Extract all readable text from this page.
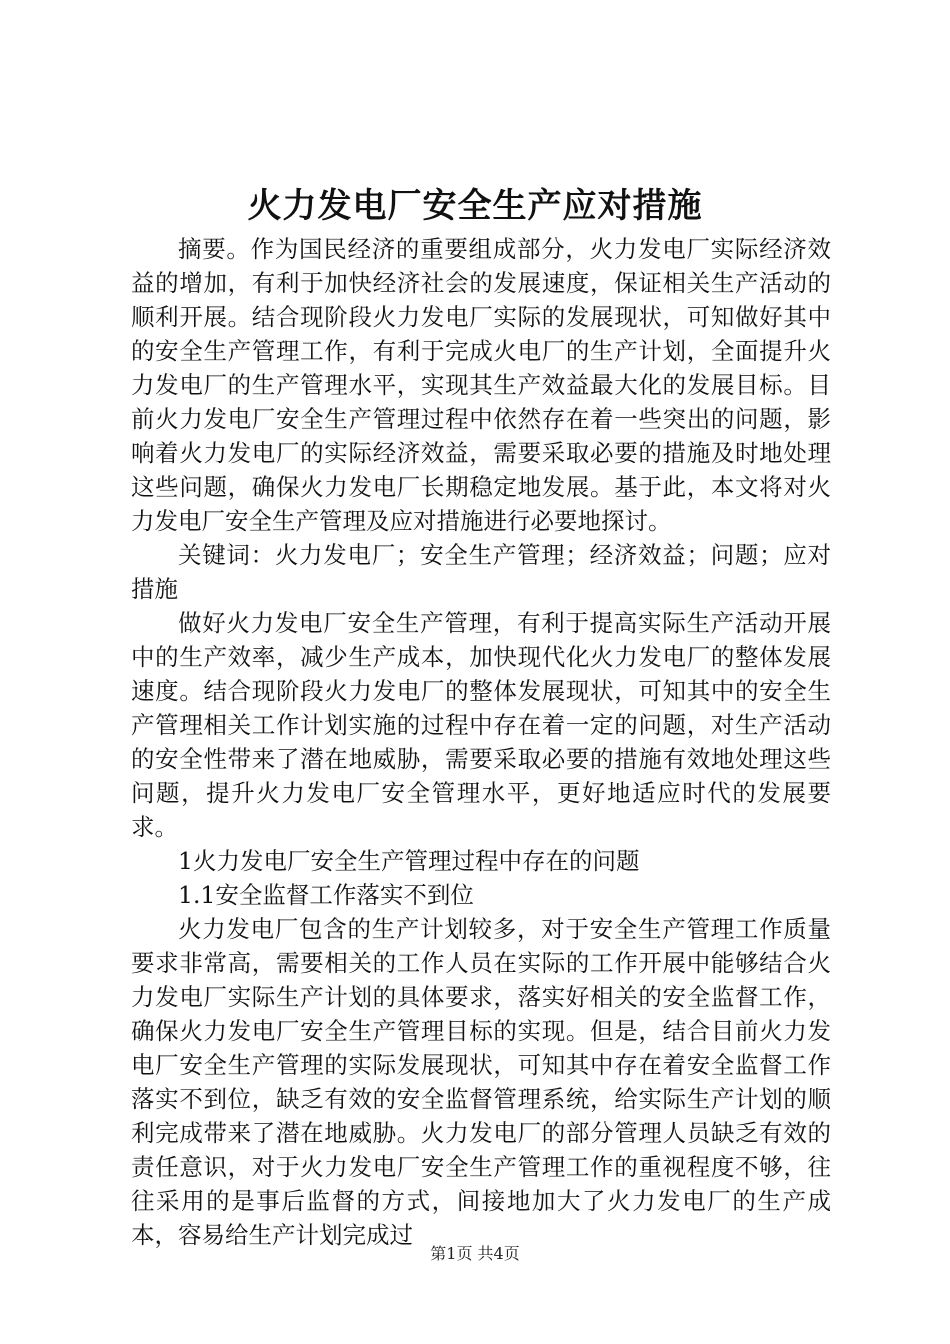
火力发电厂安全生产应对措施

摘要。作为国民经济的重要组成部分，火力发电厂实际经济效益的增加，有利于加快经济社会的发展速度，保证相关生产活动的顺利开展。结合现阶段火力发电厂实际的发展现状，可知做好其中的安全生产管理工作，有利于完成火电厂的生产计划，全面提升火力发电厂的生产管理水平，实现其生产效益最大化的发展目标。目前火力发电厂安全生产管理过程中依然存在着一些突出的问题，影响着火力发电厂的实际经济效益，需要采取必要的措施及时地处理这些问题，确保火力发电厂长期稳定地发展。基于此，本文将对火力发电厂安全生产管理及应对措施进行必要地探讨。

关键词：火力发电厂；安全生产管理；经济效益；问题；应对措施

做好火力发电厂安全生产管理，有利于提高实际生产活动开展中的生产效率，减少生产成本，加快现代化火力发电厂的整体发展速度。结合现阶段火力发电厂的整体发展现状，可知其中的安全生产管理相关工作计划实施的过程中存在着一定的问题，对生产活动的安全性带来了潜在地威胁，需要采取必要的措施有效地处理这些问题，提升火力发电厂安全管理水平，更好地适应时代的发展要求。

1火力发电厂安全生产管理过程中存在的问题

1.1安全监督工作落实不到位

火力发电厂包含的生产计划较多，对于安全生产管理工作质量要求非常高，需要相关的工作人员在实际的工作开展中能够结合火力发电厂实际生产计划的具体要求，落实好相关的安全监督工作，确保火力发电厂安全生产管理目标的实现。但是，结合目前火力发电厂安全生产管理的实际发展现状，可知其中存在着安全监督工作落实不到位，缺乏有效的安全监督管理系统，给实际生产计划的顺利完成带来了潜在地威胁。火力发电厂的部分管理人员缺乏有效的责任意识，对于火力发电厂安全生产管理工作的重视程度不够，往往采用的是事后监督的方式，间接地加大了火力发电厂的生产成本，容易给生产计划完成过

第1页 共4页
